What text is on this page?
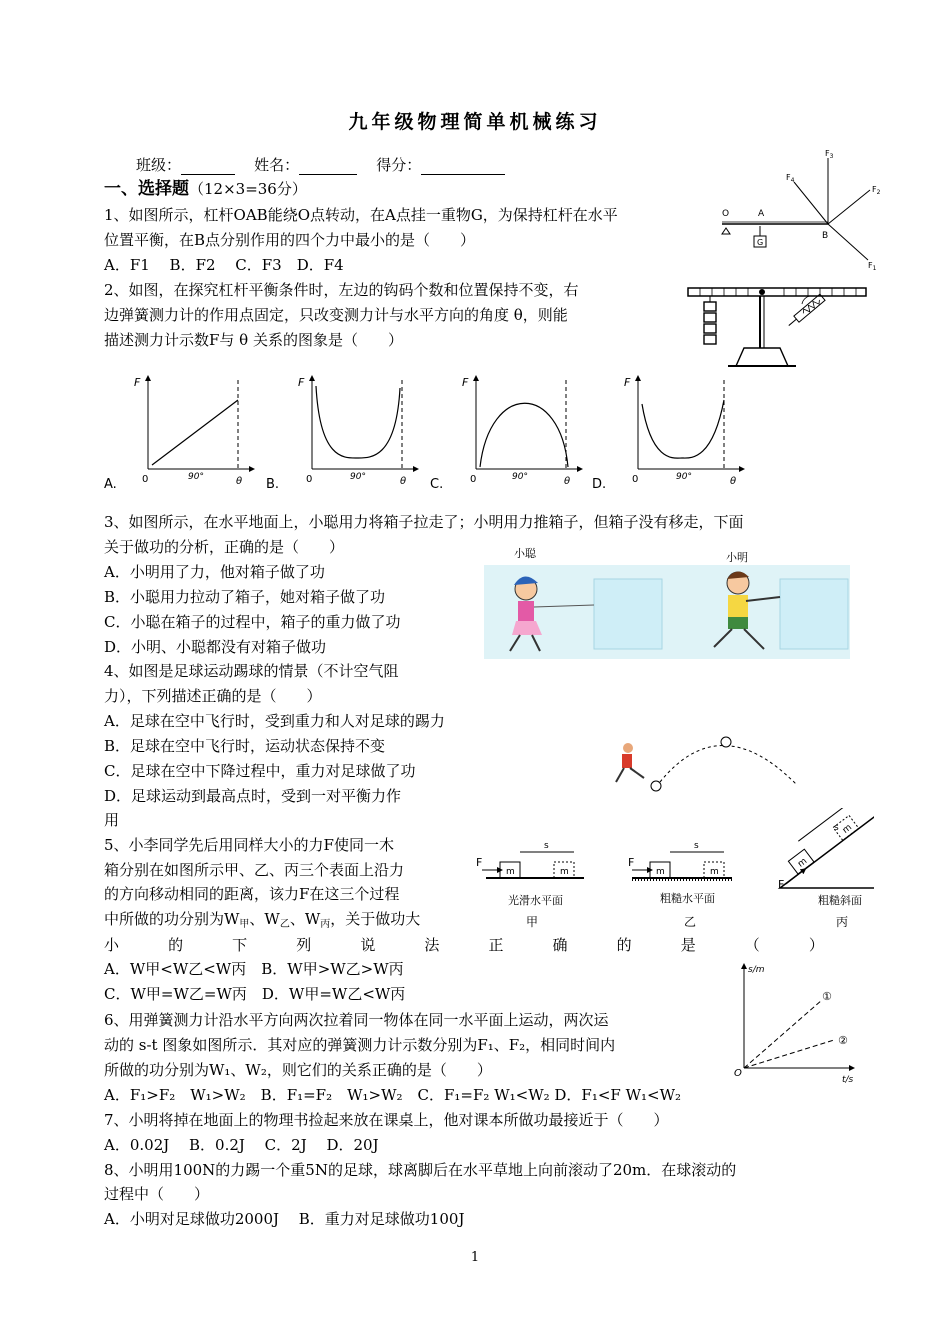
九年级物理简单机械练习
班级：	姓名：	得分：
一、选择题（12×3=36分）
1、如图所示，杠杆OAB能绕O点转动，在A点挂一重物G，为保持杠杆在水平
位置平衡，在B点分别作用的四个力中最小的是（　　）
A．F1　 B．F2　 C．F3　D．F4
O	A
G
B
$F_3$
$F_4$
$F_2$
$F_1$
2、如图，在探究杠杆平衡条件时，左边的钩码个数和位置保持不变，右
边弹簧测力计的作用点固定，只改变测力计与水平方向的角度 θ，则能
描述测力计示数F与 θ 关系的图象是（　　）
F
0	90°	θ
A.
F
0	90°	θ
B.
F
0	90°	θ
C.
F
0	90°	θ
D.
3、如图所示，在水平地面上，小聪用力将箱子拉走了；小明用力推箱子，但箱子没有移走，下面
关于做功的分析，正确的是（　　）
A．小明用了力，他对箱子做了功
B．小聪用力拉动了箱子，她对箱子做了功
C．小聪在箱子的过程中，箱子的重力做了功
D．小明、小聪都没有对箱子做功
小聪	小明
4、如图是足球运动踢球的情景（不计空气阻
力），下列描述正确的是（　　）
A．足球在空中飞行时，受到重力和人对足球的踢力
B．足球在空中飞行时，运动状态保持不变
C．足球在空中下降过程中，重力对足球做了功
D．足球运动到最高点时，受到一对平衡力作
用
5、小李同学先后用同样大小的力F使同一木
箱分别在如图所示甲、乙、丙三个表面上沿力
的方向移动相同的距离，该力F在这三个过程
中所做的功分别为$W_甲$、$W_乙$、$W_丙$，关于做功大
小	的	下	列	说	法	正	确	的	是	（	）
A．W甲<W乙<W丙　 B．W甲>W乙>W丙
C．W甲=W乙=W丙　 D．W甲=W乙<W丙
m	m
F
s
光滑水平面
甲
m	m
F
s
粗糙水平面
乙
m
m
F
s
粗糙斜面
丙
6、用弹簧测力计沿水平方向两次拉着同一物体在同一水平面上运动，两次运
动的 s-t 图象如图所示．其对应的弹簧测力计示数分别为F₁、F₂，相同时间内
所做的功分别为W₁、W₂，则它们的关系正确的是（　　）
A．F₁>F₂　W₁>W₂　B．F₁=F₂　W₁>W₂　C．F₁=F₂ W₁<W₂ D．F₁<F W₁<W₂
s/m
t/s
O
①
②
7、小明将掉在地面上的物理书捡起来放在课桌上，他对课本所做功最接近于（　　）
A．0.02J　 B．0.2J　 C．2J　 D．20J
8、小明用100N的力踢一个重5N的足球，球离脚后在水平草地上向前滚动了20m．在球滚动的
过程中（　　）
A．小明对足球做功2000J　 B．重力对足球做功100J
1
